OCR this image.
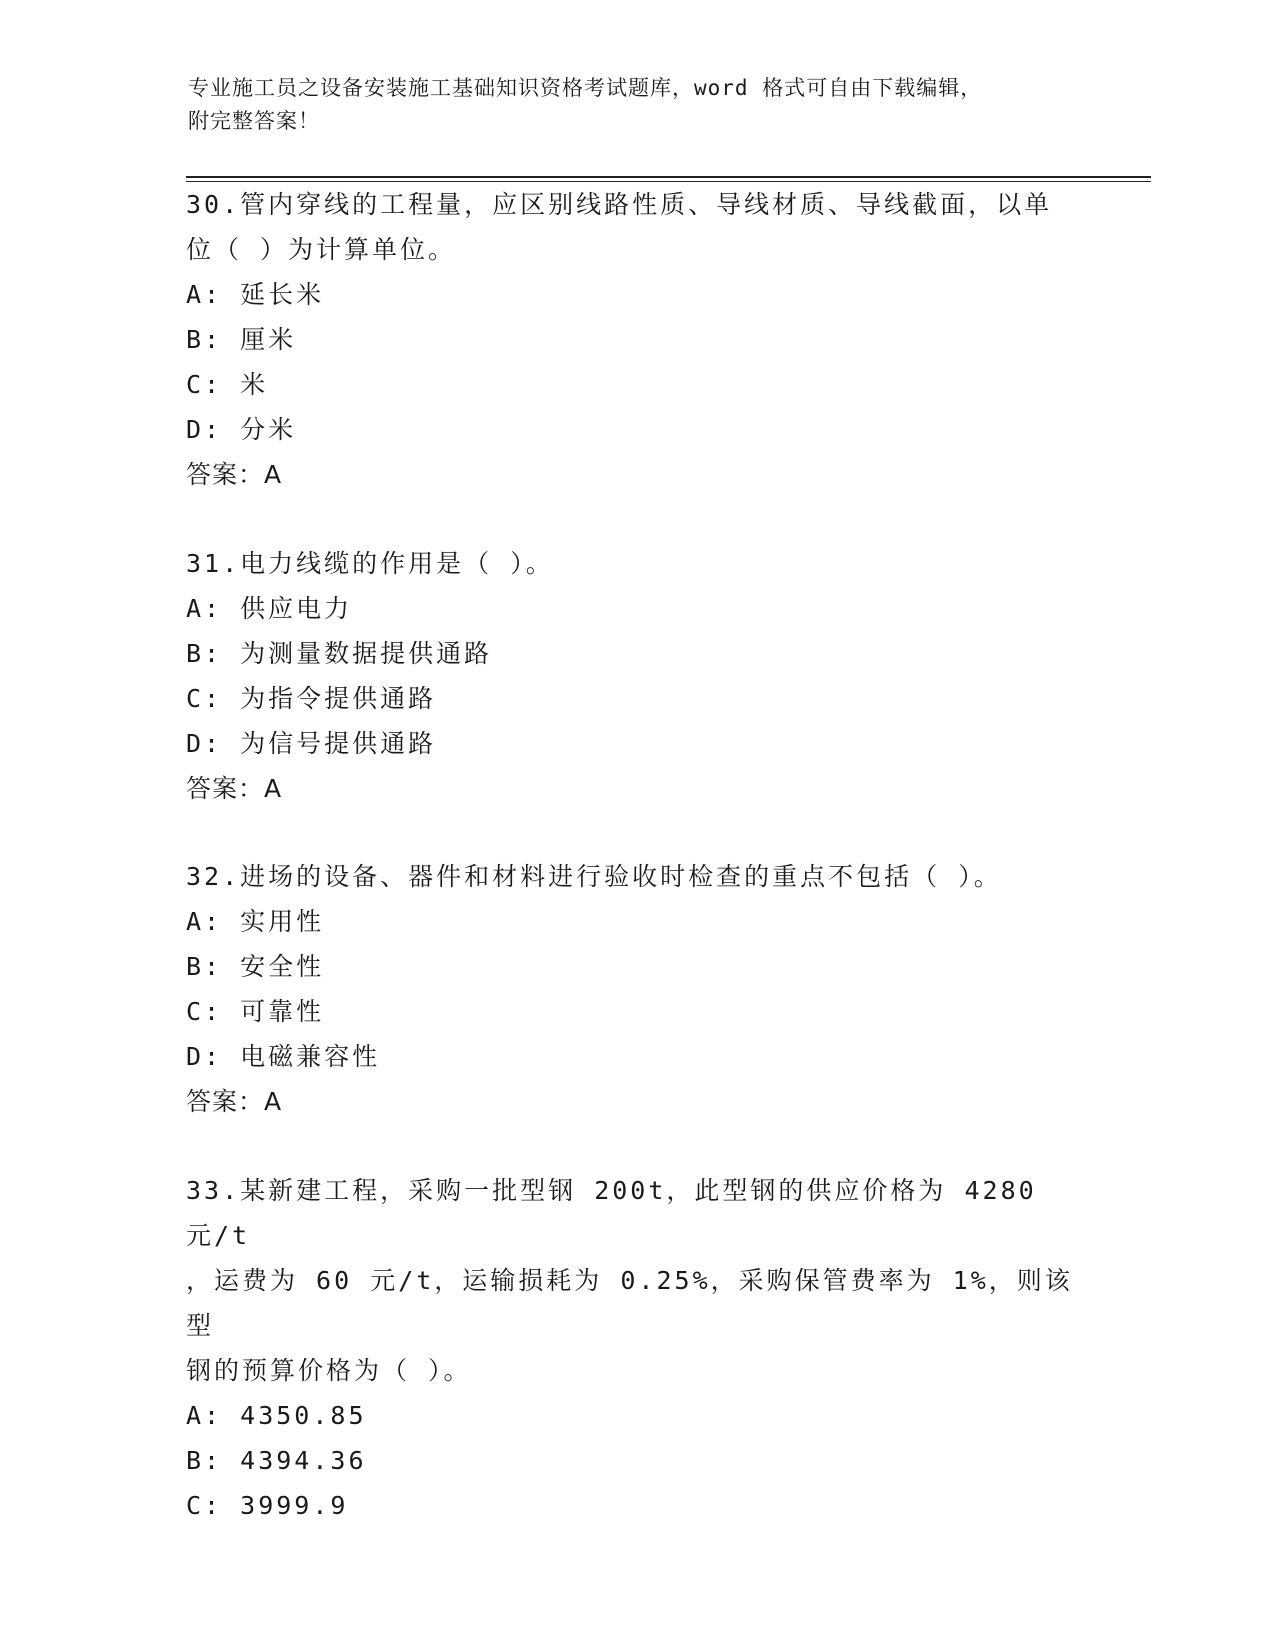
专业施工员之设备安装施工基础知识资格考试题库，word 格式可自由下载编辑，
附完整答案！

30.管内穿线的工程量，应区别线路性质、导线材质、导线截面，以单

位（ ）为计算单位。

A: 延长米

B: 厘米

C: 米

D: 分米

答案：A

31.电力线缆的作用是（ ）。

A: 供应电力

B: 为测量数据提供通路

C: 为指令提供通路

D: 为信号提供通路

答案：A

32.进场的设备、器件和材料进行验收时检查的重点不包括（ ）。

A: 实用性

B: 安全性

C: 可靠性

D: 电磁兼容性

答案：A

33.某新建工程，采购一批型钢 200t，此型钢的供应价格为 4280 元/t

，运费为 60 元/t，运输损耗为 0.25%，采购保管费率为 1%，则该型

钢的预算价格为（ ）。

A: 4350.85

B: 4394.36

C: 3999.9
